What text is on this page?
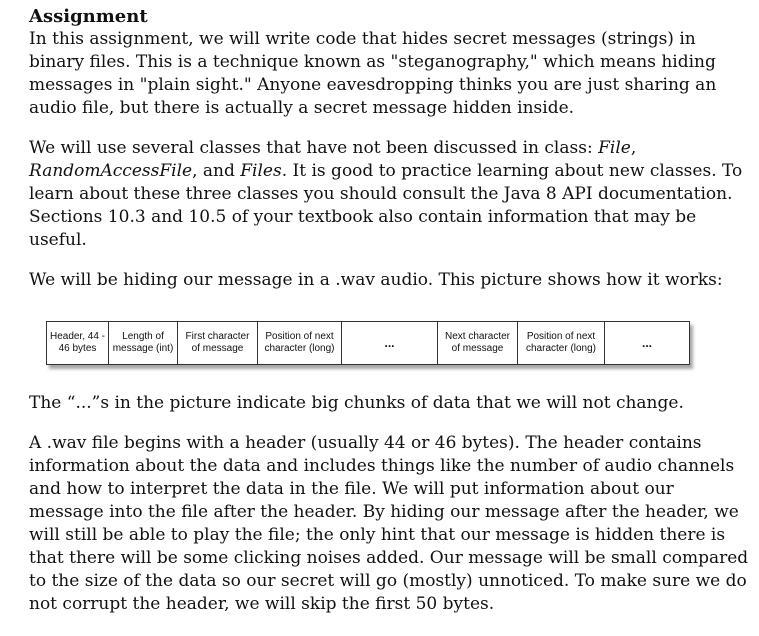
Assignment

In this assignment, we will write code that hides secret messages (strings) in binary files. This is a technique known as "steganography," which means hiding messages in "plain sight." Anyone eavesdropping thinks you are just sharing an audio file, but there is actually a secret message hidden inside.

We will use several classes that have not been discussed in class: File, RandomAccessFile, and Files. It is good to practice learning about new classes. To learn about these three classes you should consult the Java 8 API documentation. Sections 10.3 and 10.5 of your textbook also contain information that may be useful.

We will be hiding our message in a .wav audio. This picture shows how it works:

Header, 44 - 46 bytes
Length of message (int)
First character of message
Position of next character (long)	...	Next character of message
Position of next character (long)	...

The “...”s in the picture indicate big chunks of data that we will not change.

A .wav file begins with a header (usually 44 or 46 bytes). The header contains information about the data and includes things like the number of audio channels and how to interpret the data in the file. We will put information about our message into the file after the header. By hiding our message after the header, we will still be able to play the file; the only hint that our message is hidden there is that there will be some clicking noises added. Our message will be small compared to the size of the data so our secret will go (mostly) unnoticed. To make sure we do not corrupt the header, we will skip the first 50 bytes.
